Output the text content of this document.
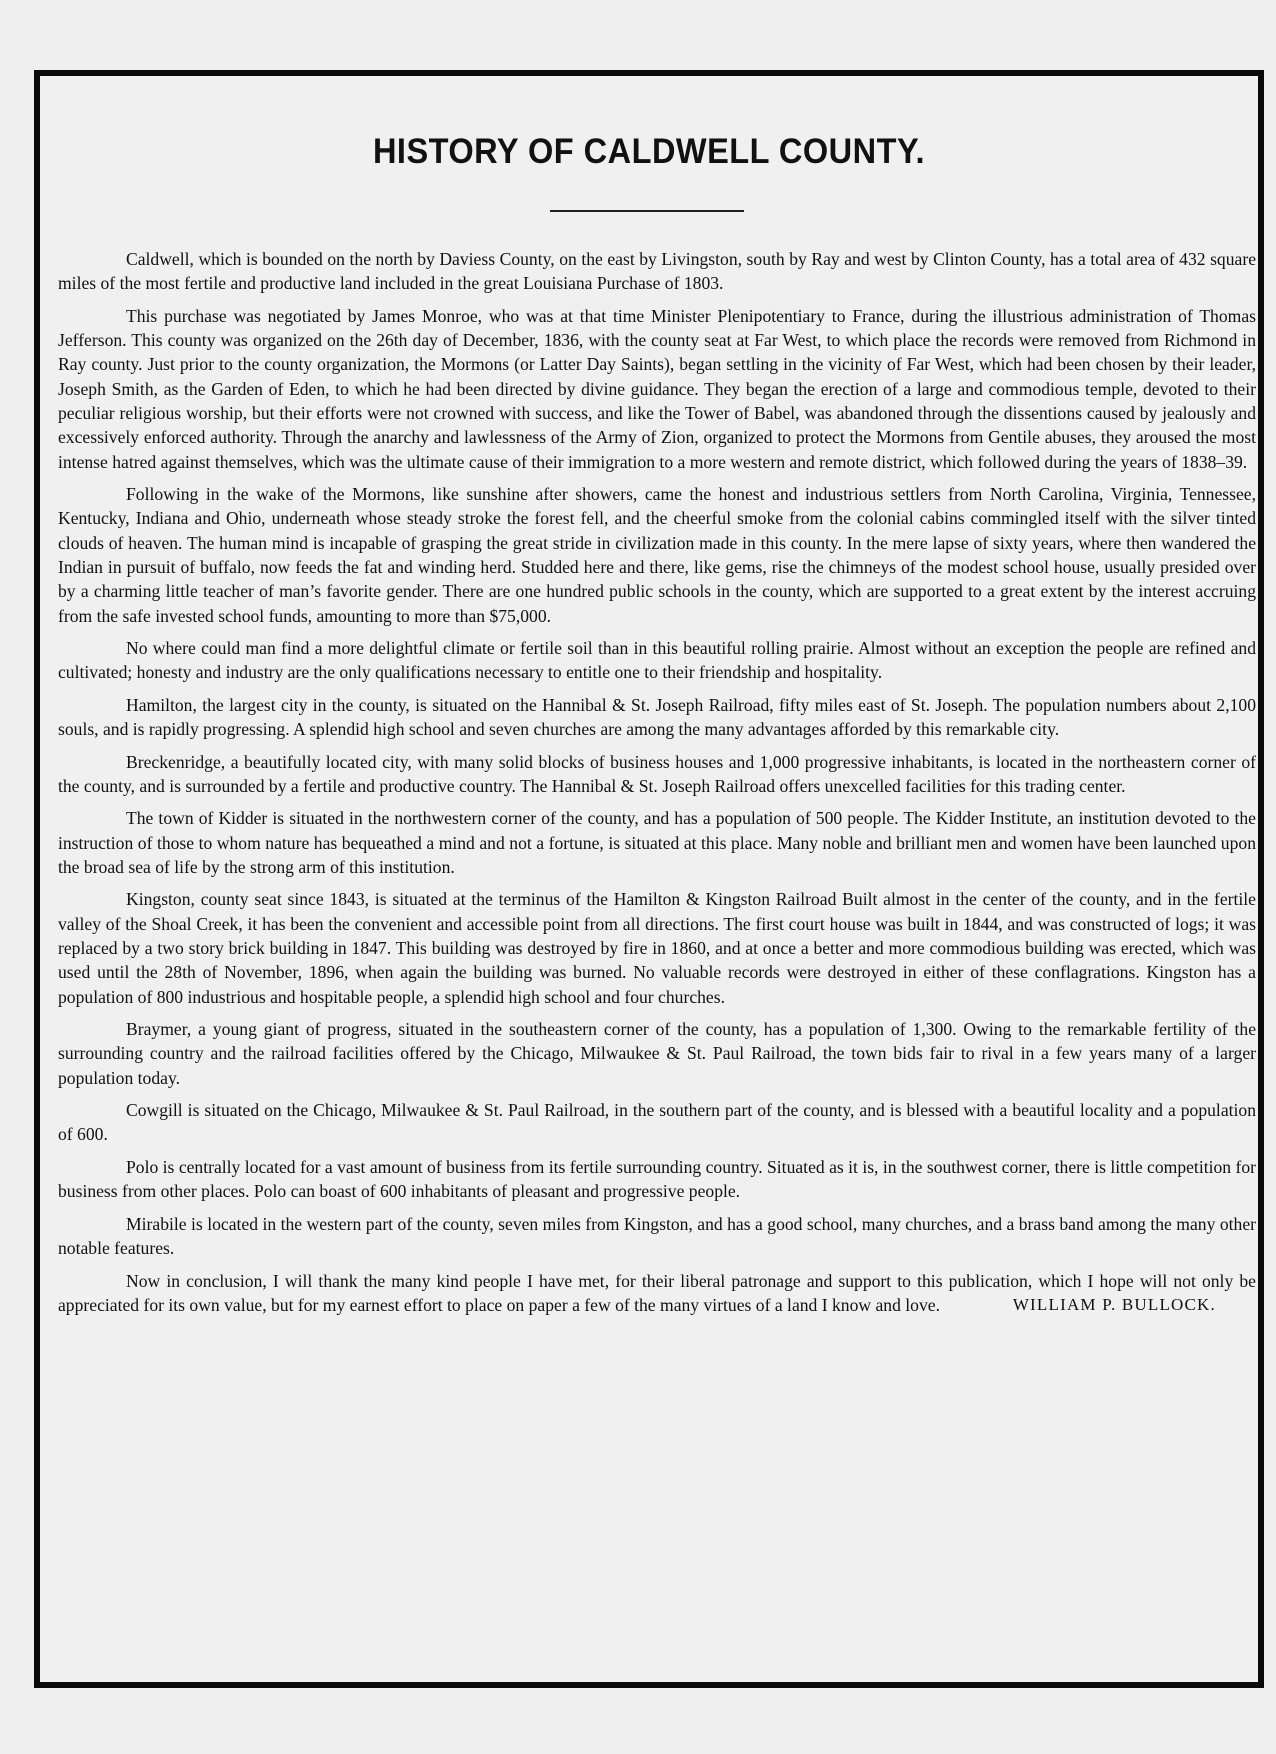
HISTORY OF CALDWELL COUNTY.

Caldwell, which is bounded on the north by Daviess County, on the east by Livingston, south by Ray and west by Clinton County, has a total area of 432 square miles of the most fertile and productive land included in the great Louisiana Purchase of 1803.

This purchase was negotiated by James Monroe, who was at that time Minister Plenipotentiary to France, during the illustrious administration of Thomas Jefferson. This county was organized on the 26th day of December, 1836, with the county seat at Far West, to which place the records were removed from Richmond in Ray county. Just prior to the county organization, the Mormons (or Latter Day Saints), began settling in the vicinity of Far West, which had been chosen by their leader, Joseph Smith, as the Garden of Eden, to which he had been directed by divine guidance. They began the erection of a large and commodious temple, devoted to their peculiar religious worship, but their efforts were not crowned with success, and like the Tower of Babel, was abandoned through the dissentions caused by jealously and excessively enforced authority. Through the anarchy and lawlessness of the Army of Zion, organized to protect the Mormons from Gentile abuses, they aroused the most intense hatred against themselves, which was the ultimate cause of their immigration to a more western and remote district, which followed during the years of 1838–39.

Following in the wake of the Mormons, like sunshine after showers, came the honest and industrious settlers from North Carolina, Virginia, Tennessee, Kentucky, Indiana and Ohio, underneath whose steady stroke the forest fell, and the cheerful smoke from the colonial cabins commingled itself with the silver tinted clouds of heaven. The human mind is incapable of grasping the great stride in civilization made in this county. In the mere lapse of sixty years, where then wandered the Indian in pursuit of buffalo, now feeds the fat and winding herd. Studded here and there, like gems, rise the chimneys of the modest school house, usually presided over by a charming little teacher of man’s favorite gender. There are one hundred public schools in the county, which are supported to a great extent by the interest accruing from the safe invested school funds, amounting to more than $75,000.

No where could man find a more delightful climate or fertile soil than in this beautiful rolling prairie. Almost without an exception the people are refined and cultivated; honesty and industry are the only qualifications necessary to entitle one to their friendship and hospitality.

Hamilton, the largest city in the county, is situated on the Hannibal & St. Joseph Railroad, fifty miles east of St. Joseph. The population numbers about 2,100 souls, and is rapidly progressing. A splendid high school and seven churches are among the many advantages afforded by this remarkable city.

Breckenridge, a beautifully located city, with many solid blocks of business houses and 1,000 progressive inhabitants, is located in the northeastern corner of the county, and is surrounded by a fertile and productive country. The Hannibal & St. Joseph Railroad offers unexcelled facilities for this trading center.

The town of Kidder is situated in the northwestern corner of the county, and has a population of 500 people. The Kidder Institute, an institution devoted to the instruction of those to whom nature has bequeathed a mind and not a fortune, is situated at this place. Many noble and brilliant men and women have been launched upon the broad sea of life by the strong arm of this institution.

Kingston, county seat since 1843, is situated at the terminus of the Hamilton & Kingston Railroad Built almost in the center of the county, and in the fertile valley of the Shoal Creek, it has been the convenient and accessible point from all directions. The first court house was built in 1844, and was constructed of logs; it was replaced by a two story brick building in 1847. This building was destroyed by fire in 1860, and at once a better and more commodious building was erected, which was used until the 28th of November, 1896, when again the building was burned. No valuable records were destroyed in either of these conflagrations. Kingston has a population of 800 industrious and hospitable people, a splendid high school and four churches.

Braymer, a young giant of progress, situated in the southeastern corner of the county, has a population of 1,300. Owing to the remarkable fertility of the surrounding country and the railroad facilities offered by the Chicago, Milwaukee & St. Paul Railroad, the town bids fair to rival in a few years many of a larger population today.

Cowgill is situated on the Chicago, Milwaukee & St. Paul Railroad, in the southern part of the county, and is blessed with a beautiful locality and a population of 600.

Polo is centrally located for a vast amount of business from its fertile surrounding country. Situated as it is, in the southwest corner, there is little competition for business from other places. Polo can boast of 600 inhabitants of pleasant and progressive people.

Mirabile is located in the western part of the county, seven miles from Kingston, and has a good school, many churches, and a brass band among the many other notable features.

Now in conclusion, I will thank the many kind people I have met, for their liberal patronage and support to this publication, which I hope will not only be appreciated for its own value, but for my earnest effort to place on paper a few of the many virtues of a land I know and love.	WILLIAM P. BULLOCK.
